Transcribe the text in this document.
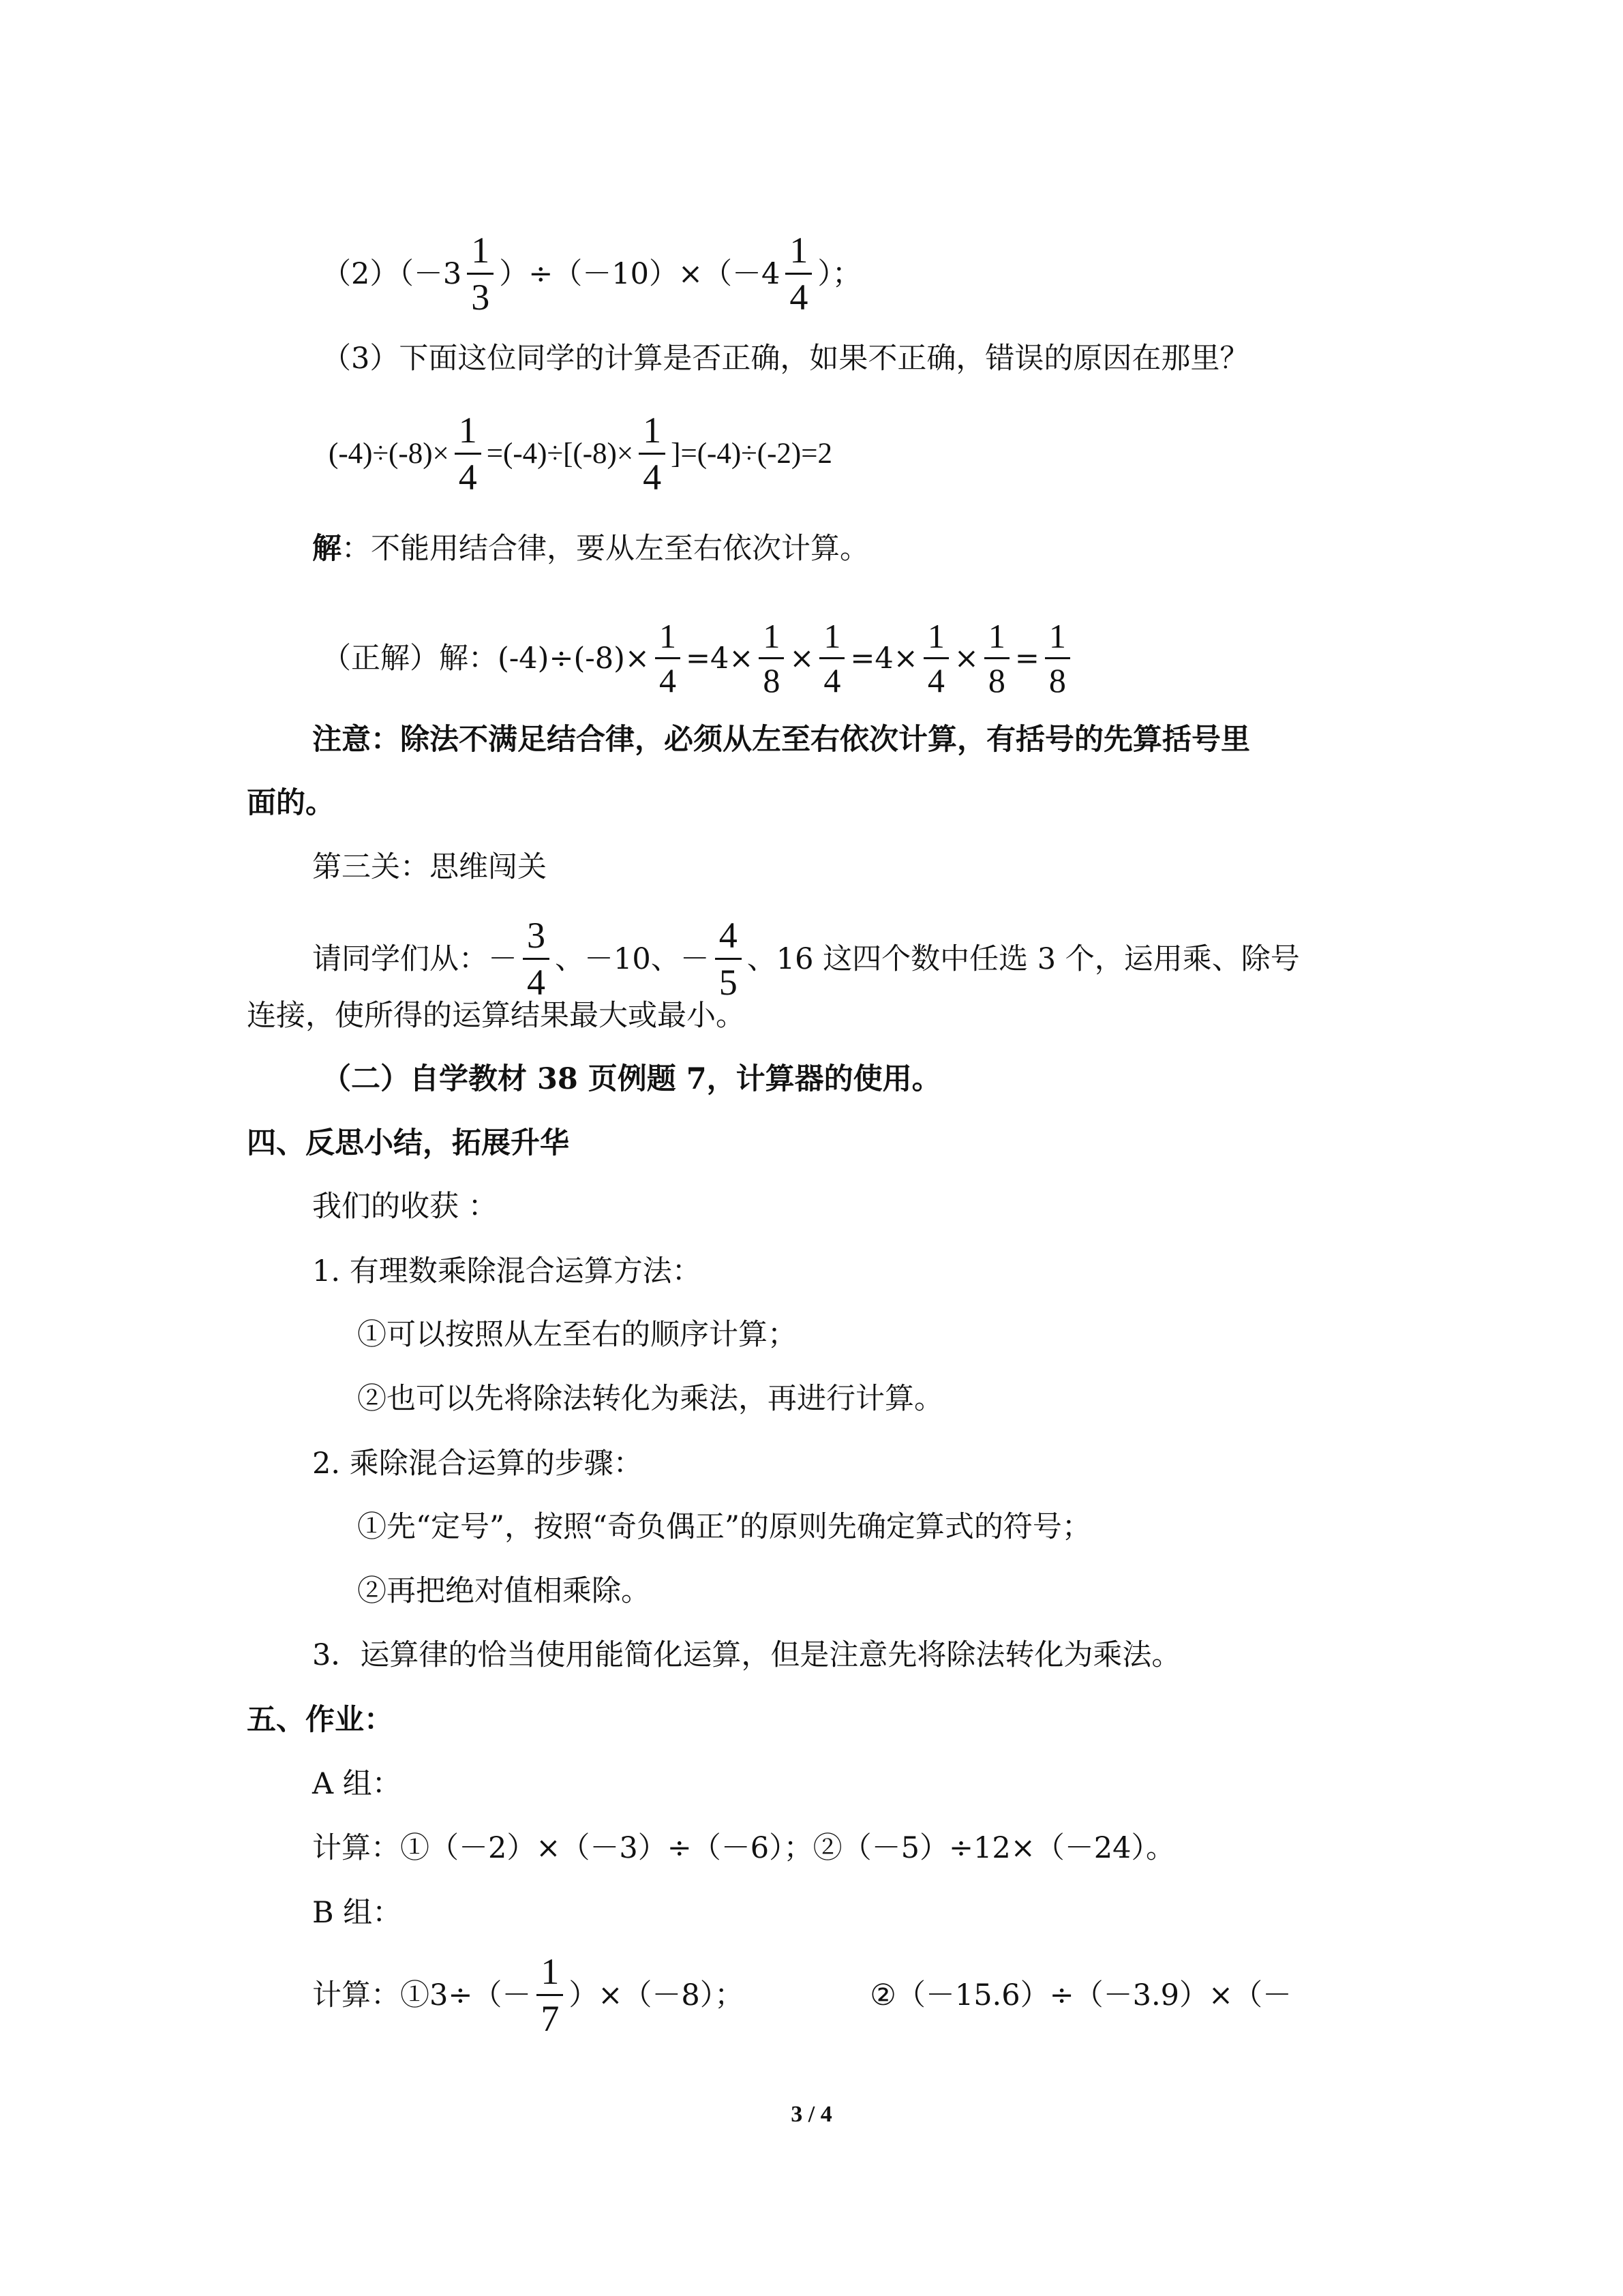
$(2)(-3 \frac{1}{3} )\div(-10)\times(-4 \frac{1}{4}$ ）；
（3）下面这位同学的计算是否正确，如果不正确，错误的原因在那里？
$(-4)\div(-8)\times \frac{1}{4} =(-4)\div[(-8)\times \frac{1}{4} ]=(-4)\div(-2)=2$
解 ：不能用结合律，要从左至右依次计算。
（正解）解：$(-4)\div(-8)\times \frac{1}{4} =4\times \frac{1}{8} \times \frac{1}{4} =4\times \frac{1}{4} \times \frac{1}{8} = \frac{1}{8}$
注意：除法不满足结合律，必须从左至右依次计算，有括号的先算括号里
面的。
第三关：思维闯关
请同学们从：－ $\frac{3}{4}$ 、－10、－ $\frac{4}{5}$ 、16 这四个数中任选 3 个，运用乘、除号
连接，使所得的运算结果最大或最小。
（二）自学教材 38 页例题 7，计算器的使用。
四、反思小结，拓展升华
我们的收获 ：
1. 有理数乘除混合运算方法：
①可以按照从左至右的顺序计算；
②也可以先将除法转化为乘法，再进行计算。
2. 乘除混合运算的步骤：
①先“定号”，按照“奇负偶正”的原则先确定算式的符号；
②再把绝对值相乘除。
3．运算律的恰当使用能简化运算，但是注意先将除法转化为乘法。
五、作业：
A 组：
计算：①（－2）×（－3）÷（－6）；②（－5）÷12×（－24）。
B 组：
计算：①3÷（－ $\frac{1}{7} )\times(-8)$；	②（－15.6）÷（－3.9）×（－
3 / 4
